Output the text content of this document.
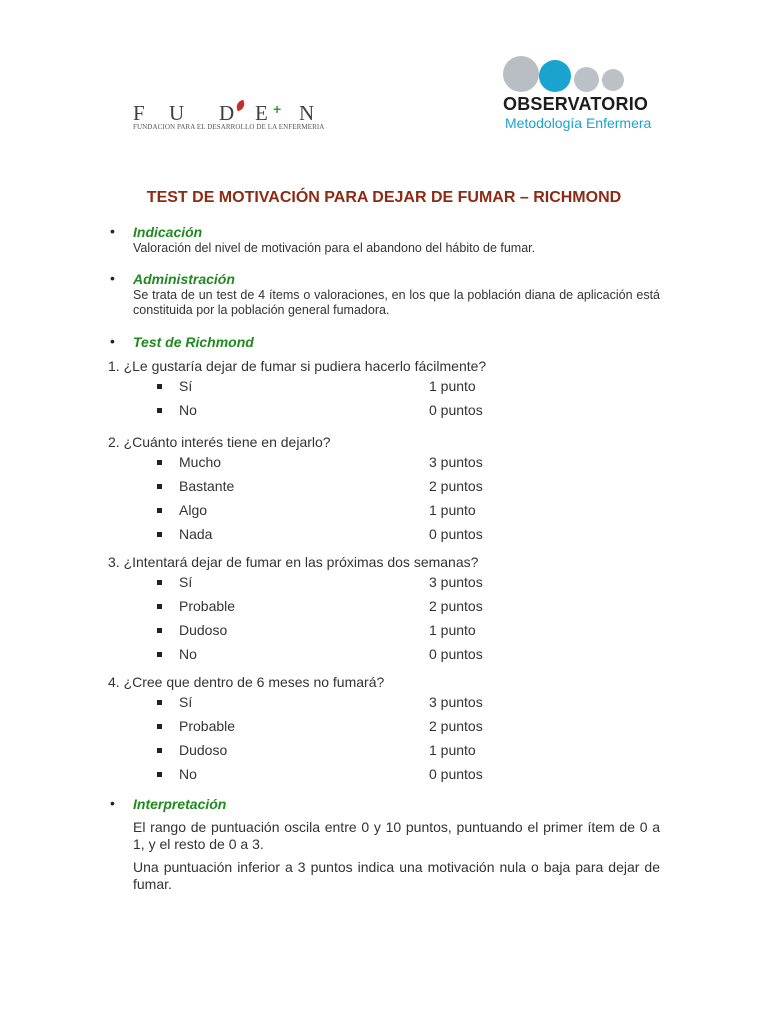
F U D E N
+
FUNDACION PARA EL DESARROLLO DE LA ENFERMERIA
OBSERVATORIO
Metodología Enfermera
TEST DE MOTIVACIÓN PARA DEJAR DE FUMAR – RICHMOND
• Indicación
Valoración del nivel de motivación para el abandono del hábito de fumar.
• Administración
Se trata de un test de 4 ítems o valoraciones, en los que la población diana de aplicación está constituida por la población general fumadora.
• Test de Richmond

1. ¿Le gustaría dejar de fumar si pudiera hacerlo fácilmente?

Sí	1 punto
No	0 puntos

2. ¿Cuánto interés tiene en dejarlo?

Mucho	3 puntos
Bastante	2 puntos
Algo	1 punto
Nada	0 puntos

3. ¿Intentará dejar de fumar en las próximas dos semanas?

Sí	3 puntos
Probable	2 puntos
Dudoso	1 punto
No	0 puntos

4. ¿Cree que dentro de 6 meses no fumará?

Sí	3 puntos
Probable	2 puntos
Dudoso	1 punto
No	0 puntos
• Interpretación

El rango de puntuación oscila entre 0 y 10 puntos, puntuando el primer ítem de 0 a 1, y el resto de 0 a 3.

Una puntuación inferior a 3 puntos indica una motivación nula o baja para dejar de fumar.
